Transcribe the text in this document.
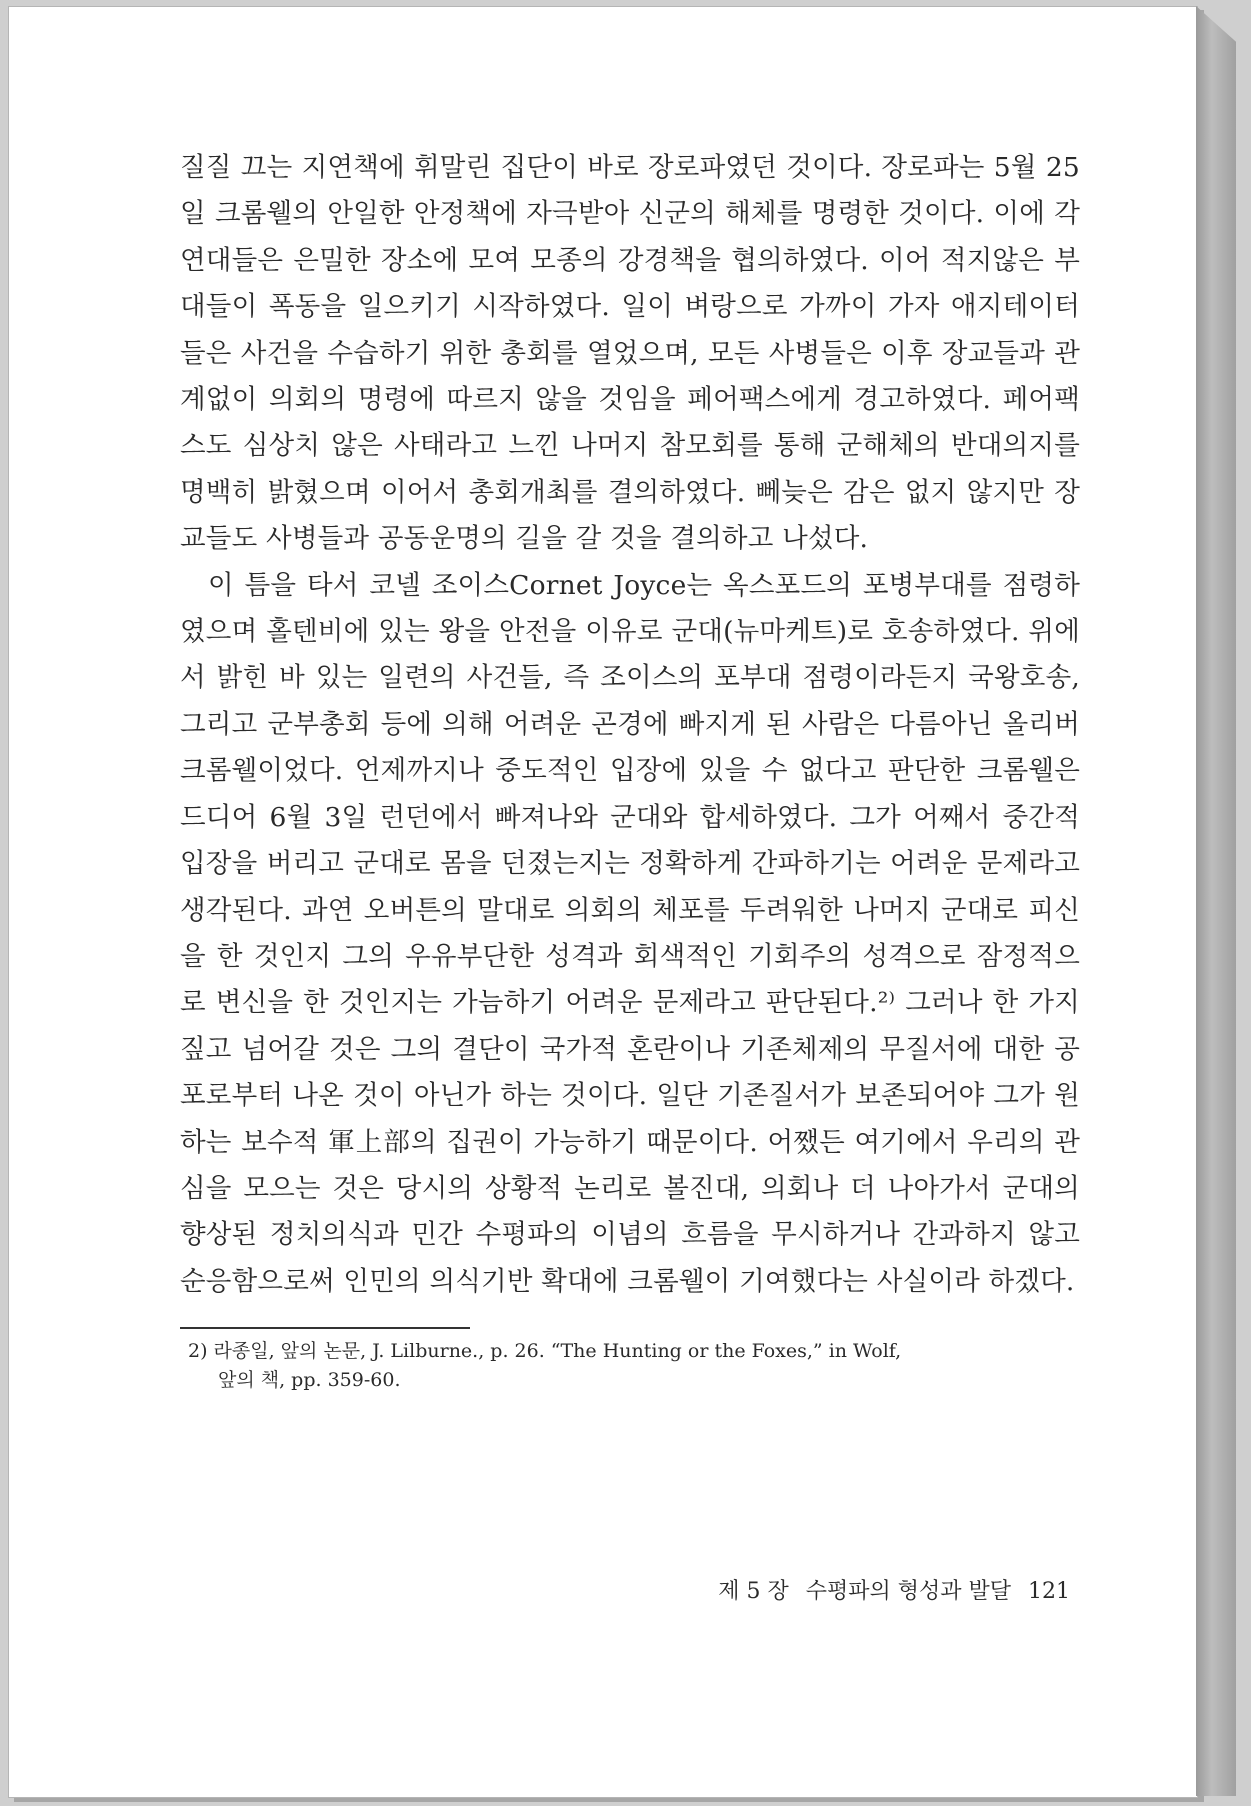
질질 끄는 지연책에 휘말린 집단이 바로 장로파였던 것이다. 장로파는 5월 25일 크롬웰의 안일한 안정책에 자극받아 신군의 해체를 명령한 것이다. 이에 각 연대들은 은밀한 장소에 모여 모종의 강경책을 협의하였다. 이어 적지않은 부대들이 폭동을 일으키기 시작하였다. 일이 벼랑으로 가까이 가자 애지테이터들은 사건을 수습하기 위한 총회를 열었으며, 모든 사병들은 이후 장교들과 관계없이 의회의 명령에 따르지 않을 것임을 페어팩스에게 경고하였다. 페어팩스도 심상치 않은 사태라고 느낀 나머지 참모회를 통해 군해체의 반대의지를 명백히 밝혔으며 이어서 총회개최를 결의하였다. 뻬늦은 감은 없지 않지만 장교들도 사병들과 공동운명의 길을 갈 것을 결의하고 나섰다.

이 틈을 타서 코넬 조이스Cornet Joyce는 옥스포드의 포병부대를 점령하였으며 홀텐비에 있는 왕을 안전을 이유로 군대(뉴마케트)로 호송하였다. 위에서 밝힌 바 있는 일련의 사건들, 즉 조이스의 포부대 점령이라든지 국왕호송, 그리고 군부총회 등에 의해 어려운 곤경에 빠지게 된 사람은 다름아닌 올리버 크롬웰이었다. 언제까지나 중도적인 입장에 있을 수 없다고 판단한 크롬웰은 드디어 6월 3일 런던에서 빠져나와 군대와 합세하였다. 그가 어째서 중간적 입장을 버리고 군대로 몸을 던졌는지는 정확하게 간파하기는 어려운 문제라고 생각된다. 과연 오버튼의 말대로 의회의 체포를 두려워한 나머지 군대로 피신을 한 것인지 그의 우유부단한 성격과 회색적인 기회주의 성격으로 잠정적으로 변신을 한 것인지는 가늠하기 어려운 문제라고 판단된다.²⁾ 그러나 한 가지 짚고 넘어갈 것은 그의 결단이 국가적 혼란이나 기존체제의 무질서에 대한 공포로부터 나온 것이 아닌가 하는 것이다. 일단 기존질서가 보존되어야 그가 원하는 보수적 軍上部의 집권이 가능하기 때문이다. 어쨌든 여기에서 우리의 관심을 모으는 것은 당시의 상황적 논리로 볼진대, 의회나 더 나아가서 군대의 향상된 정치의식과 민간 수평파의 이념의 흐름을 무시하거나 간과하지 않고 순응함으로써 인민의 의식기반 확대에 크롬웰이 기여했다는 사실이라 하겠다.

2) 라종일, 앞의 논문, J. Lilburne., p. 26. “The Hunting or the Foxes,” in Wolf,
앞의 책, pp. 359-60.
제 5 장 수평파의 형성과 발달 121
